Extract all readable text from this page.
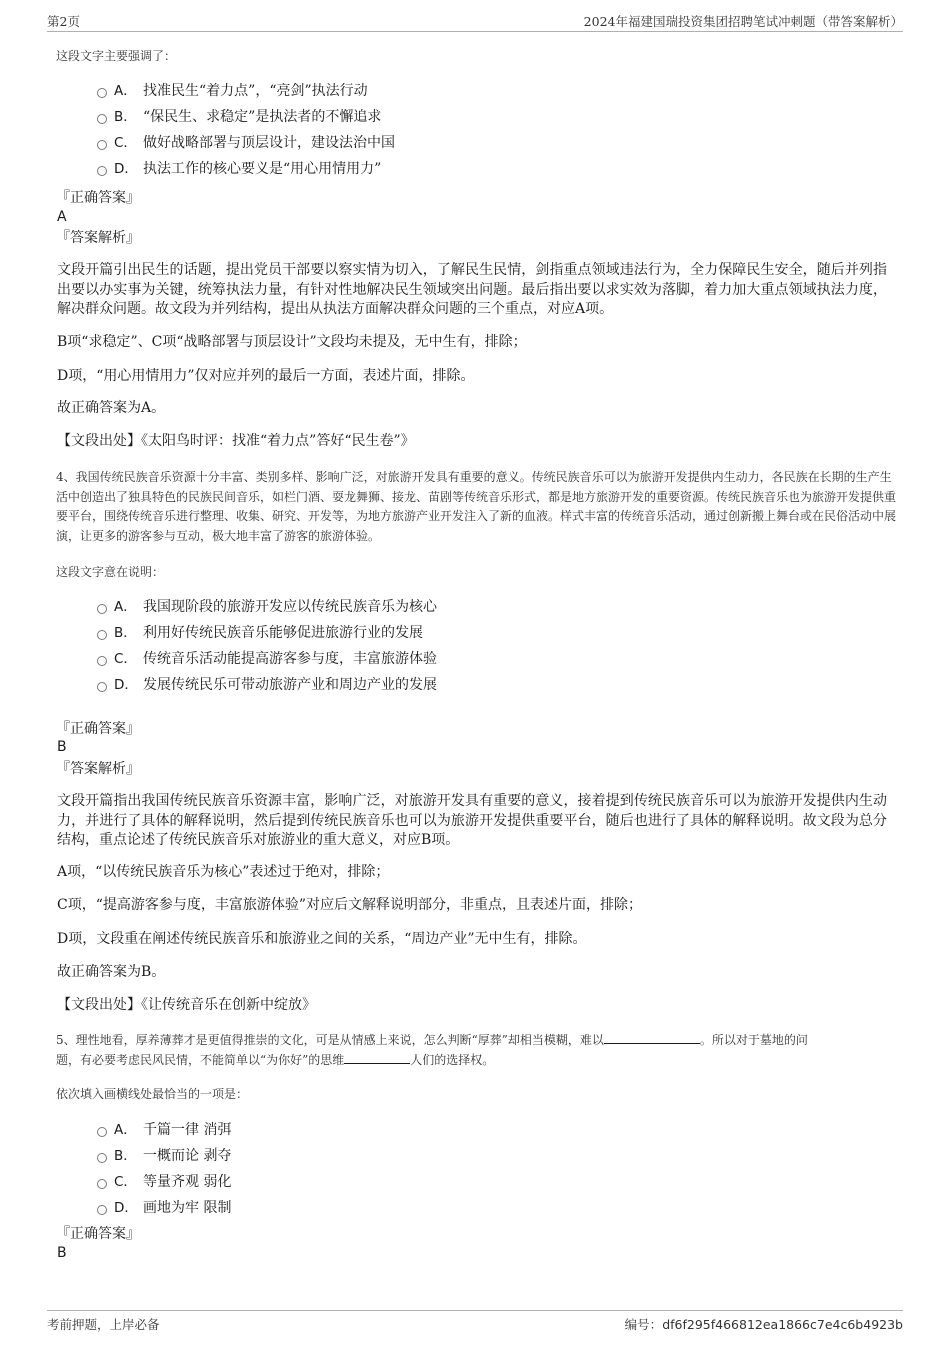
第2页	2024年福建国瑞投资集团招聘笔试冲刺题（带答案解析）
这段文字主要强调了：
A． 找准民生“着力点”，“亮剑”执法行动
B． “保民生、求稳定”是执法者的不懈追求
C． 做好战略部署与顶层设计，建设法治中国
D． 执法工作的核心要义是“用心用情用力”
『正确答案』
A
『答案解析』
文段开篇引出民生的话题，提出党员干部要以察实情为切入，了解民生民情，剑指重点领域违法行为，全力保障民生安全，随后并列指出要以办实事为关键，统筹执法力量，有针对性地解决民生领域突出问题。最后指出要以求实效为落脚，着力加大重点领域执法力度，解决群众问题。故文段为并列结构，提出从执法方面解决群众问题的三个重点，对应A项。
B项“求稳定”、C项“战略部署与顶层设计”文段均未提及，无中生有，排除；
D项，“用心用情用力”仅对应并列的最后一方面，表述片面，排除。
故正确答案为A。
【文段出处】《太阳鸟时评：找准“着力点”答好“民生卷”》
4、我国传统民族音乐资源十分丰富、类别多样、影响广泛，对旅游开发具有重要的意义。传统民族音乐可以为旅游开发提供内生动力，各民族在长期的生产生活中创造出了独具特色的民族民间音乐，如栏门酒、耍龙舞狮、接龙、苗剧等传统音乐形式，都是地方旅游开发的重要资源。传统民族音乐也为旅游开发提供重要平台，围绕传统音乐进行整理、收集、研究、开发等，为地方旅游产业开发注入了新的血液。样式丰富的传统音乐活动，通过创新搬上舞台或在民俗活动中展演，让更多的游客参与互动，极大地丰富了游客的旅游体验。
这段文字意在说明：
A． 我国现阶段的旅游开发应以传统民族音乐为核心
B． 利用好传统民族音乐能够促进旅游行业的发展
C． 传统音乐活动能提高游客参与度，丰富旅游体验
D． 发展传统民乐可带动旅游产业和周边产业的发展
『正确答案』
B
『答案解析』
文段开篇指出我国传统民族音乐资源丰富，影响广泛，对旅游开发具有重要的意义，接着提到传统民族音乐可以为旅游开发提供内生动力，并进行了具体的解释说明，然后提到传统民族音乐也可以为旅游开发提供重要平台，随后也进行了具体的解释说明。故文段为总分结构，重点论述了传统民族音乐对旅游业的重大意义，对应B项。
A项，“以传统民族音乐为核心”表述过于绝对，排除；
C项，“提高游客参与度，丰富旅游体验”对应后文解释说明部分，非重点，且表述片面，排除；
D项，文段重在阐述传统民族音乐和旅游业之间的关系，“周边产业”无中生有，排除。
故正确答案为B。
【文段出处】《让传统音乐在创新中绽放》
5、理性地看，厚养薄葬才是更值得推崇的文化，可是从情感上来说，怎么判断“厚葬”却相当模糊，难以	。所以对于墓地的问
题，有必要考虑民风民情，不能简单以“为你好”的思维	人们的选择权。
依次填入画横线处最恰当的一项是：
A． 千篇一律 消弭
B． 一概而论 剥夺
C． 等量齐观 弱化
D． 画地为牢 限制
『正确答案』
B
考前押题，上岸必备	编号：df6f295f466812ea1866c7e4c6b4923b
